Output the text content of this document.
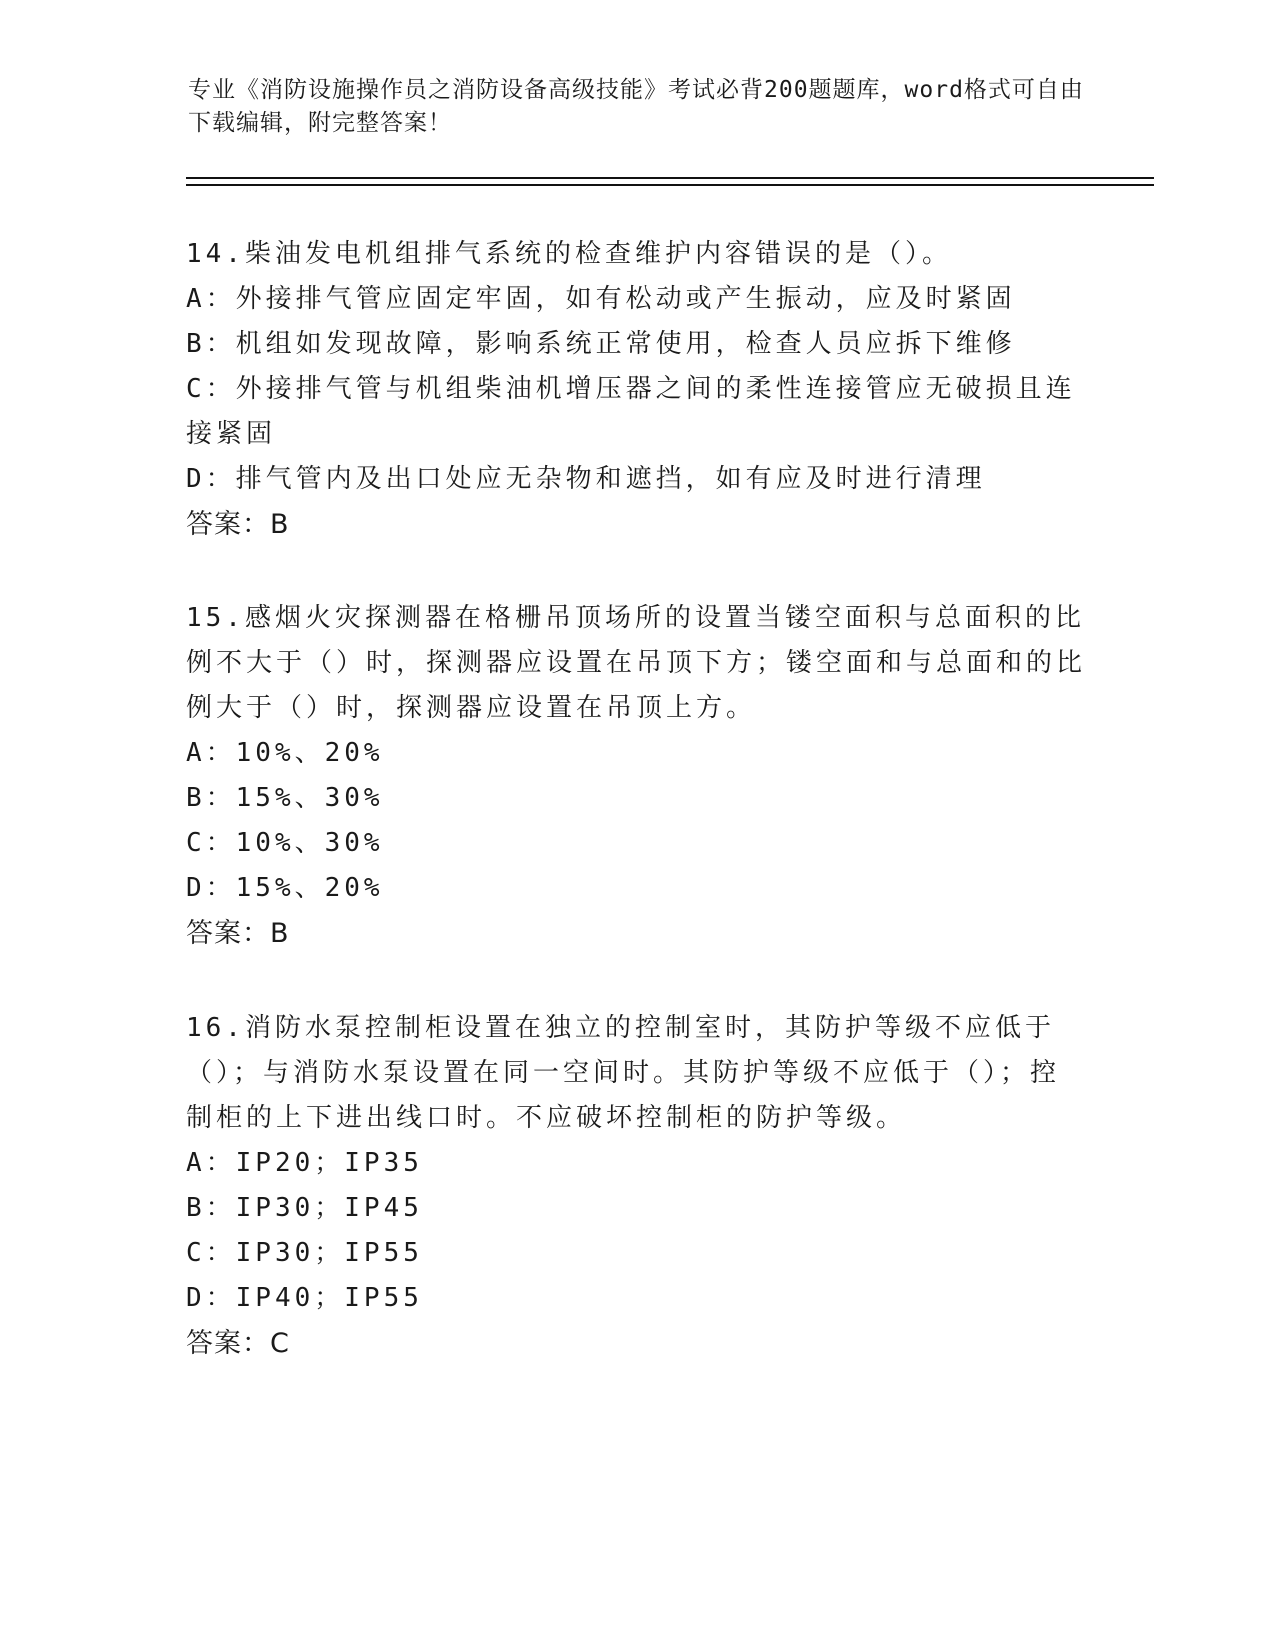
专业《消防设施操作员之消防设备高级技能》考试必背200题题库，word格式可自由下载编辑，附完整答案！
14.柴油发电机组排气系统的检查维护内容错误的是（）。
A：外接排气管应固定牢固，如有松动或产生振动，应及时紧固
B：机组如发现故障，影响系统正常使用，检查人员应拆下维修
C：外接排气管与机组柴油机增压器之间的柔性连接管应无破损且连接紧固
D：排气管内及出口处应无杂物和遮挡，如有应及时进行清理
答案：B
15.感烟火灾探测器在格栅吊顶场所的设置当镂空面积与总面积的比例不大于（）时，探测器应设置在吊顶下方；镂空面和与总面和的比例大于（）时，探测器应设置在吊顶上方。
A：10%、20%
B：15%、30%
C：10%、30%
D：15%、20%
答案：B
16.消防水泵控制柜设置在独立的控制室时，其防护等级不应低于（）；与消防水泵设置在同一空间时。其防护等级不应低于（）；控制柜的上下进出线口时。不应破坏控制柜的防护等级。
A：IP20；IP35
B：IP30；IP45
C：IP30；IP55
D：IP40；IP55
答案：C
